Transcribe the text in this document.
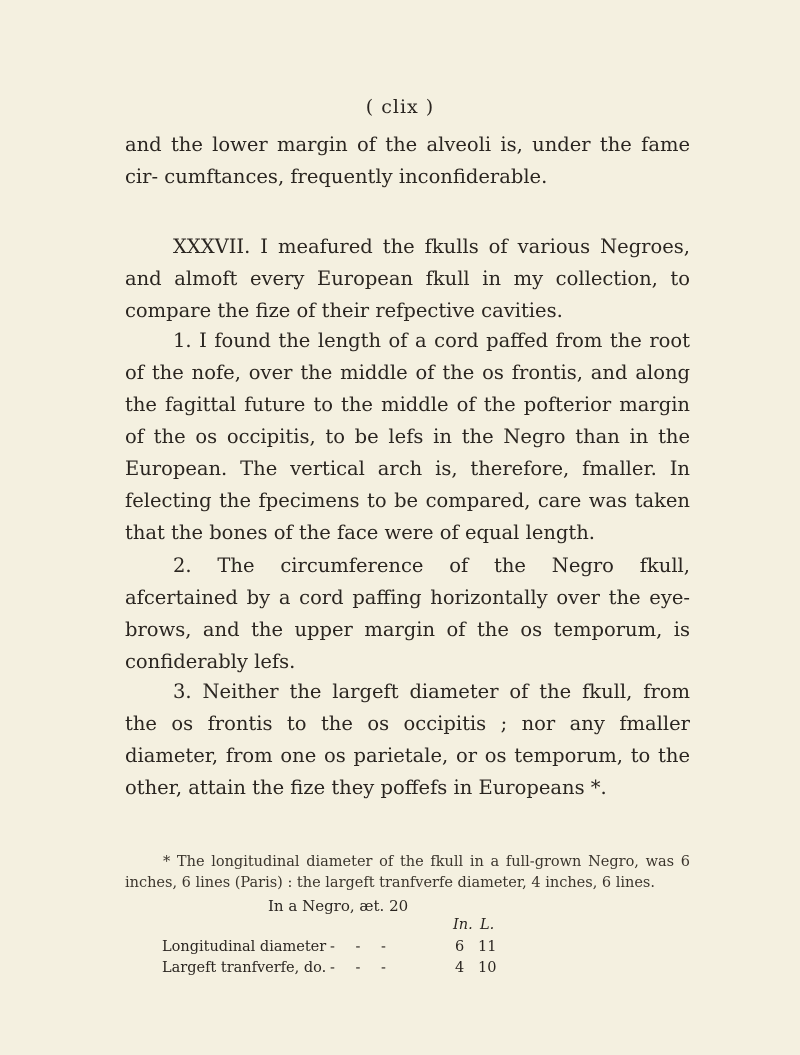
( clix )

and the lower margin of the alveoli is, under the fame cir- cumftances, frequently inconfiderable.

XXXVII. I meafured the fkulls of various Negroes, and almoft every European fkull in my collection, to compare the fize of their refpective cavities.

1. I found the length of a cord paffed from the root of the nofe, over the middle of the os frontis, and along the fagittal future to the middle of the pofterior margin of the os occipitis, to be lefs in the Negro than in the European. The vertical arch is, therefore, fmaller. In felecting the fpecimens to be compared, care was taken that the bones of the face were of equal length.

2. The circumference of the Negro fkull, afcertained by a cord paffing horizontally over the eye-brows, and the upper margin of the os temporum, is confiderably lefs.

3. Neither the largeft diameter of the fkull, from the os frontis to the os occipitis ; nor any fmaller diameter, from one os parietale, or os temporum, to the other, attain the fize they poffefs in Europeans *.

* The longitudinal diameter of the fkull in a full-grown Negro, was 6 inches, 6 lines (Paris) : the largeft tranfverfe diameter, 4 inches, 6 lines.

In a Negro, æt. 20
In. L.
Longitudinal diameter - - -	6 11
Largeft tranfverfe, do. - - -	4 10
